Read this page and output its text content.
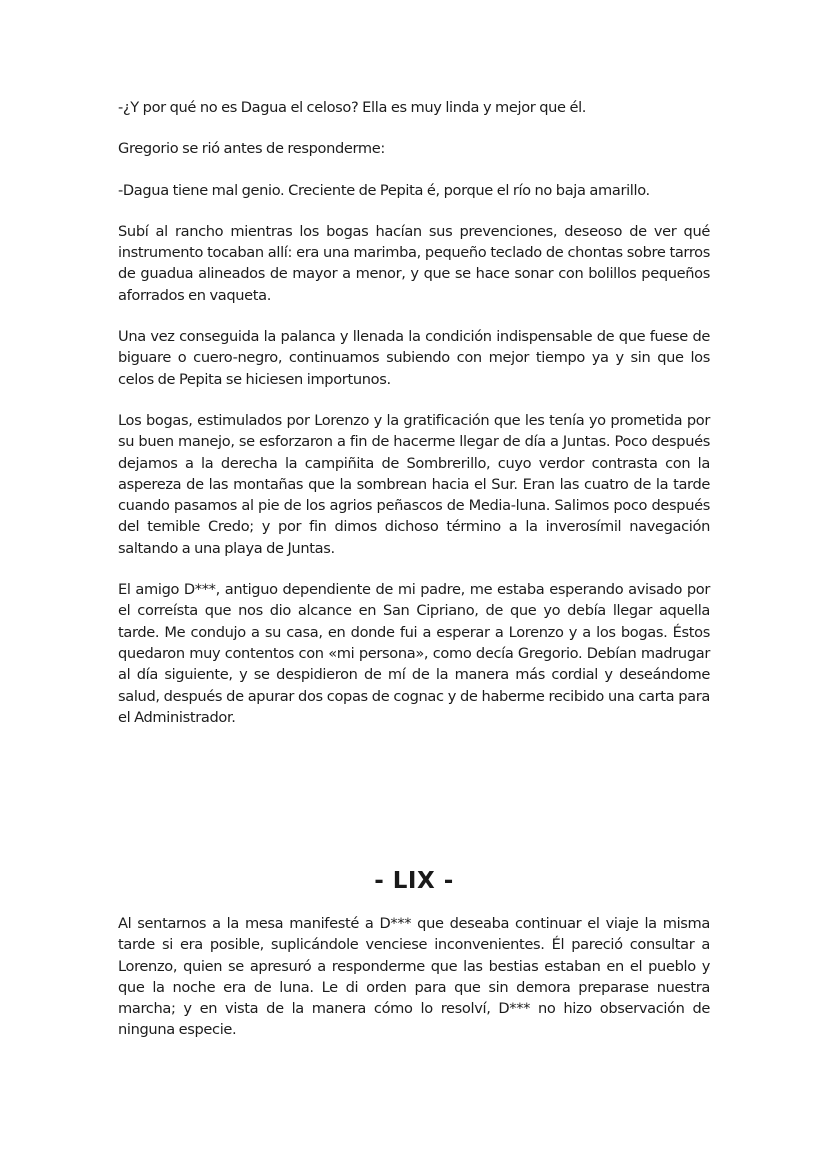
-¿Y por qué no es Dagua el celoso? Ella es muy linda y mejor que él.

Gregorio se rió antes de responderme:

-Dagua tiene mal genio. Creciente de Pepita é, porque el río no baja amarillo.

Subí al rancho mientras los bogas hacían sus prevenciones, deseoso de ver qué instrumento tocaban allí: era una marimba, pequeño teclado de chontas sobre tarros de guadua alineados de mayor a menor, y que se hace sonar con bolillos pequeños aforrados en vaqueta.

Una vez conseguida la palanca y llenada la condición indispensable de que fuese de biguare o cuero-negro, continuamos subiendo con mejor tiempo ya y sin que los celos de Pepita se hiciesen importunos.

Los bogas, estimulados por Lorenzo y la gratificación que les tenía yo prometida por su buen manejo, se esforzaron a fin de hacerme llegar de día a Juntas. Poco después dejamos a la derecha la campiñita de Sombrerillo, cuyo verdor contrasta con la aspereza de las montañas que la sombrean hacia el Sur. Eran las cuatro de la tarde cuando pasamos al pie de los agrios peñascos de Media-luna. Salimos poco después del temible Credo; y por fin dimos dichoso término a la inverosímil navegación saltando a una playa de Juntas.

El amigo D***, antiguo dependiente de mi padre, me estaba esperando avisado por el correísta que nos dio alcance en San Cipriano, de que yo debía llegar aquella tarde. Me condujo a su casa, en donde fui a esperar a Lorenzo y a los bogas. Éstos quedaron muy contentos con «mi persona», como decía Gregorio. Debían madrugar al día siguiente, y se despidieron de mí de la manera más cordial y deseándome salud, después de apurar dos copas de cognac y de haberme recibido una carta para el Administrador.

- LIX -

Al sentarnos a la mesa manifesté a D*** que deseaba continuar el viaje la misma tarde si era posible, suplicándole venciese inconvenientes. Él pareció consultar a Lorenzo, quien se apresuró a responderme que las bestias estaban en el pueblo y que la noche era de luna. Le di orden para que sin demora preparase nuestra marcha; y en vista de la manera cómo lo resolví, D*** no hizo observación de ninguna especie.
